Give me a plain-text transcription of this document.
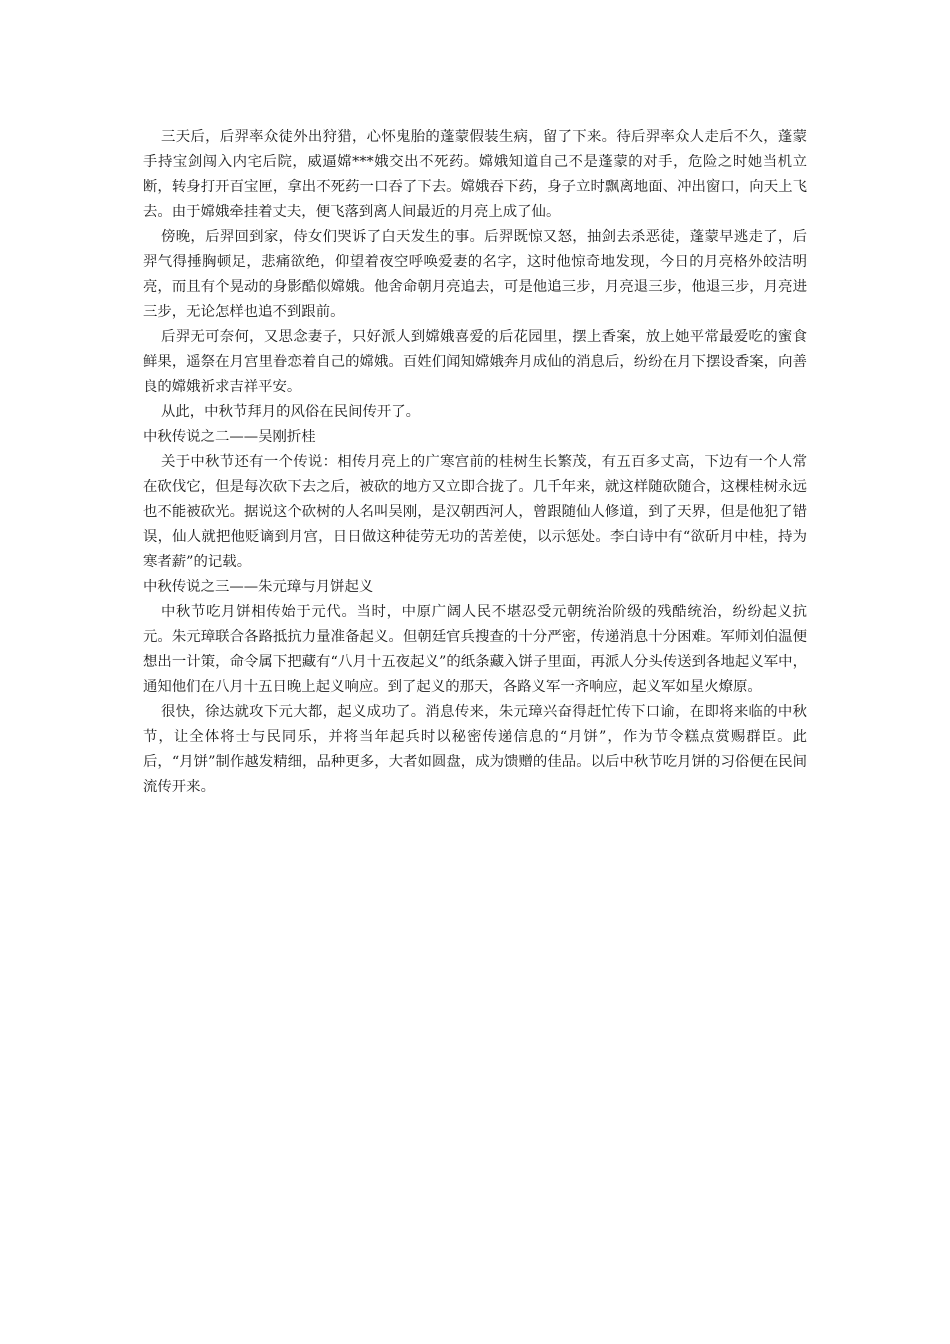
三天后，后羿率众徒外出狩猎，心怀鬼胎的蓬蒙假装生病，留了下来。待后羿率众人走后不久，蓬蒙手持宝剑闯入内宅后院，威逼嫦***娥交出不死药。嫦娥知道自己不是蓬蒙的对手，危险之时她当机立断，转身打开百宝匣，拿出不死药一口吞了下去。嫦娥吞下药，身子立时飘离地面、冲出窗口，向天上飞去。由于嫦娥牵挂着丈夫，便飞落到离人间最近的月亮上成了仙。

傍晚，后羿回到家，侍女们哭诉了白天发生的事。后羿既惊又怒，抽剑去杀恶徒，蓬蒙早逃走了，后羿气得捶胸顿足，悲痛欲绝，仰望着夜空呼唤爱妻的名字，这时他惊奇地发现，今日的月亮格外皎洁明亮，而且有个晃动的身影酷似嫦娥。他舍命朝月亮追去，可是他追三步，月亮退三步，他退三步，月亮进三步，无论怎样也追不到跟前。

后羿无可奈何，又思念妻子，只好派人到嫦娥喜爱的后花园里，摆上香案，放上她平常最爱吃的蜜食鲜果，遥祭在月宫里眷恋着自己的嫦娥。百姓们闻知嫦娥奔月成仙的消息后，纷纷在月下摆设香案，向善良的嫦娥祈求吉祥平安。

从此，中秋节拜月的风俗在民间传开了。

中秋传说之二——吴刚折桂

关于中秋节还有一个传说：相传月亮上的广寒宫前的桂树生长繁茂，有五百多丈高，下边有一个人常在砍伐它，但是每次砍下去之后，被砍的地方又立即合拢了。几千年来，就这样随砍随合，这棵桂树永远也不能被砍光。据说这个砍树的人名叫吴刚，是汉朝西河人，曾跟随仙人修道，到了天界，但是他犯了错误，仙人就把他贬谪到月宫，日日做这种徒劳无功的苦差使，以示惩处。李白诗中有“欲斫月中桂，持为寒者薪”的记载。

中秋传说之三——朱元璋与月饼起义

中秋节吃月饼相传始于元代。当时，中原广阔人民不堪忍受元朝统治阶级的残酷统治，纷纷起义抗元。朱元璋联合各路抵抗力量准备起义。但朝廷官兵搜查的十分严密，传递消息十分困难。军师刘伯温便想出一计策，命令属下把藏有“八月十五夜起义”的纸条藏入饼子里面，再派人分头传送到各地起义军中，通知他们在八月十五日晚上起义响应。到了起义的那天，各路义军一齐响应，起义军如星火燎原。

很快，徐达就攻下元大都，起义成功了。消息传来，朱元璋兴奋得赶忙传下口谕，在即将来临的中秋节，让全体将士与民同乐，并将当年起兵时以秘密传递信息的“月饼”，作为节令糕点赏赐群臣。此后，“月饼”制作越发精细，品种更多，大者如圆盘，成为馈赠的佳品。以后中秋节吃月饼的习俗便在民间流传开来。
